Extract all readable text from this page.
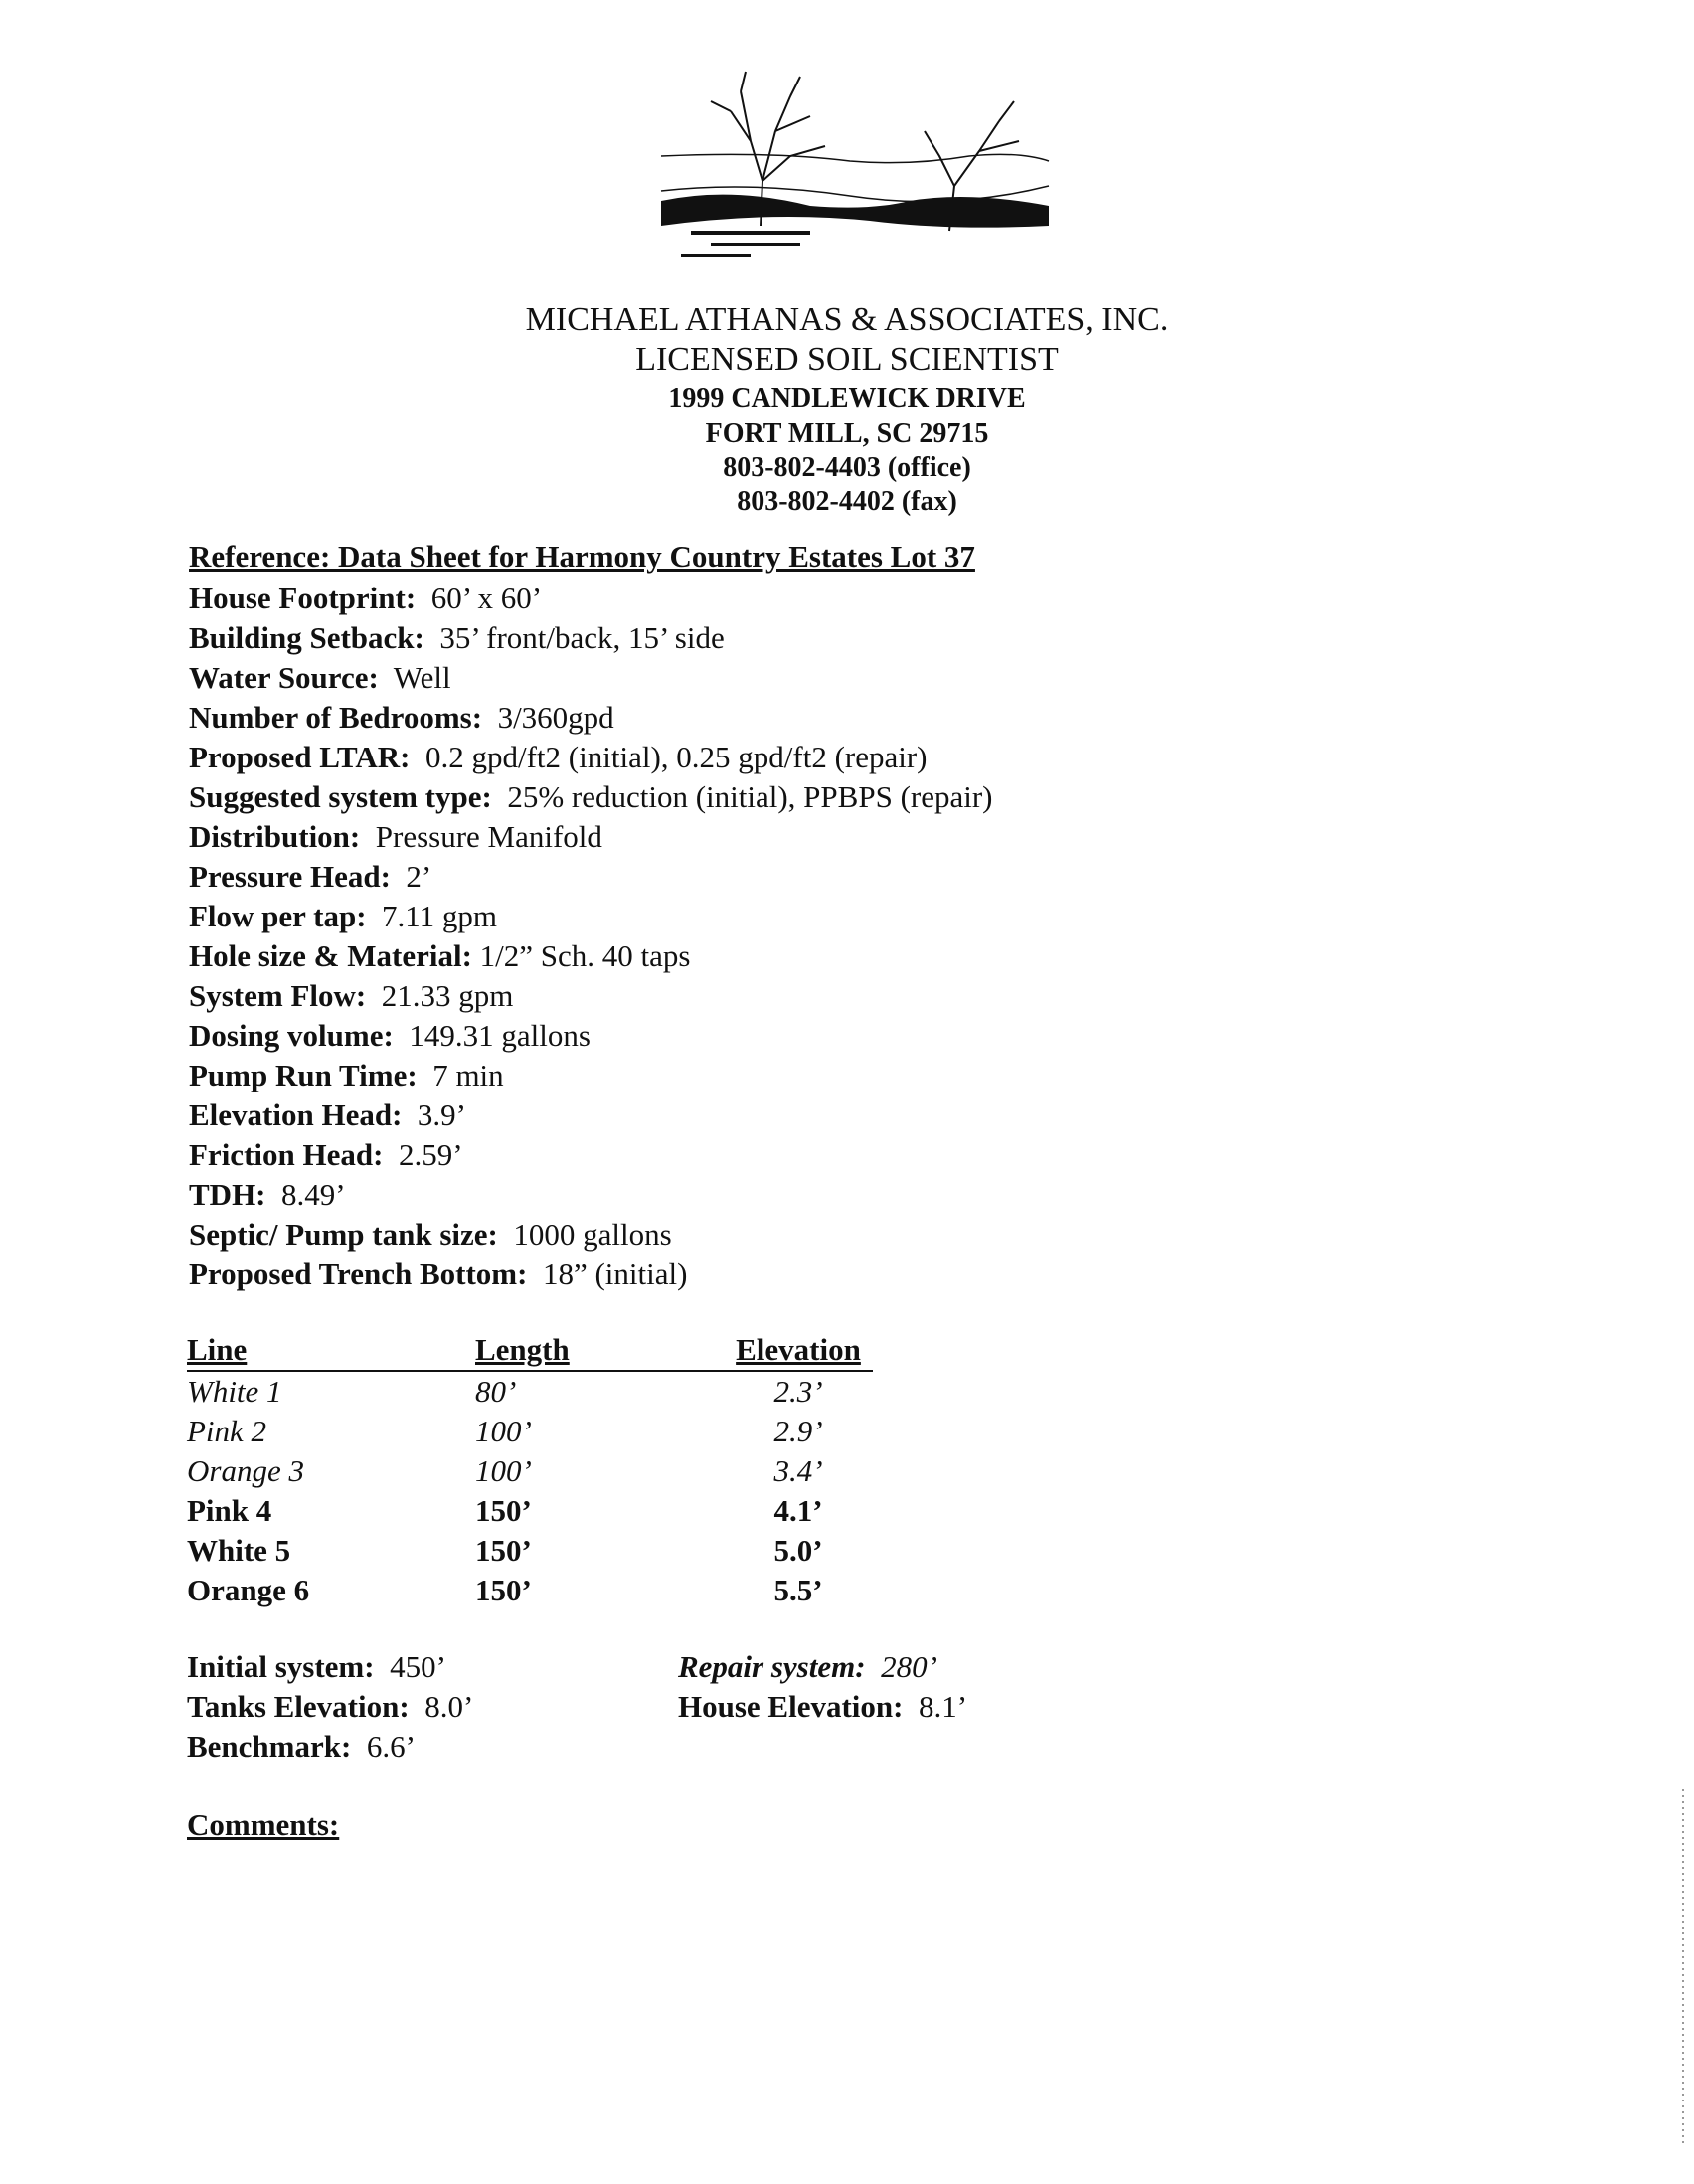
MICHAEL ATHANAS & ASSOCIATES, INC.
LICENSED SOIL SCIENTIST
1999 CANDLEWICK DRIVE
FORT MILL, SC 29715
803-802-4403 (office)
803-802-4402 (fax)
Reference: Data Sheet for Harmony Country Estates Lot 37
House Footprint: 60’ x 60’
Building Setback: 35’ front/back, 15’ side
Water Source: Well
Number of Bedrooms: 3/360gpd
Proposed LTAR: 0.2 gpd/ft2 (initial), 0.25 gpd/ft2 (repair)
Suggested system type: 25% reduction (initial), PPBPS (repair)
Distribution: Pressure Manifold
Pressure Head: 2’
Flow per tap: 7.11 gpm
Hole size & Material: 1/2” Sch. 40 taps
System Flow: 21.33 gpm
Dosing volume: 149.31 gallons
Pump Run Time: 7 min
Elevation Head: 3.9’
Friction Head: 2.59’
TDH: 8.49’
Septic/ Pump tank size: 1000 gallons
Proposed Trench Bottom: 18” (initial)
Line	Length	Elevation
White 1	80’	2.3’
Pink 2	100’	2.9’
Orange 3	100’	3.4’
Pink 4	150’	4.1’
White 5	150’	5.0’
Orange 6	150’	5.5’
Initial system: 450’	Repair system: 280’
Tanks Elevation: 8.0’	House Elevation: 8.1’
Benchmark: 6.6’
Comments:
